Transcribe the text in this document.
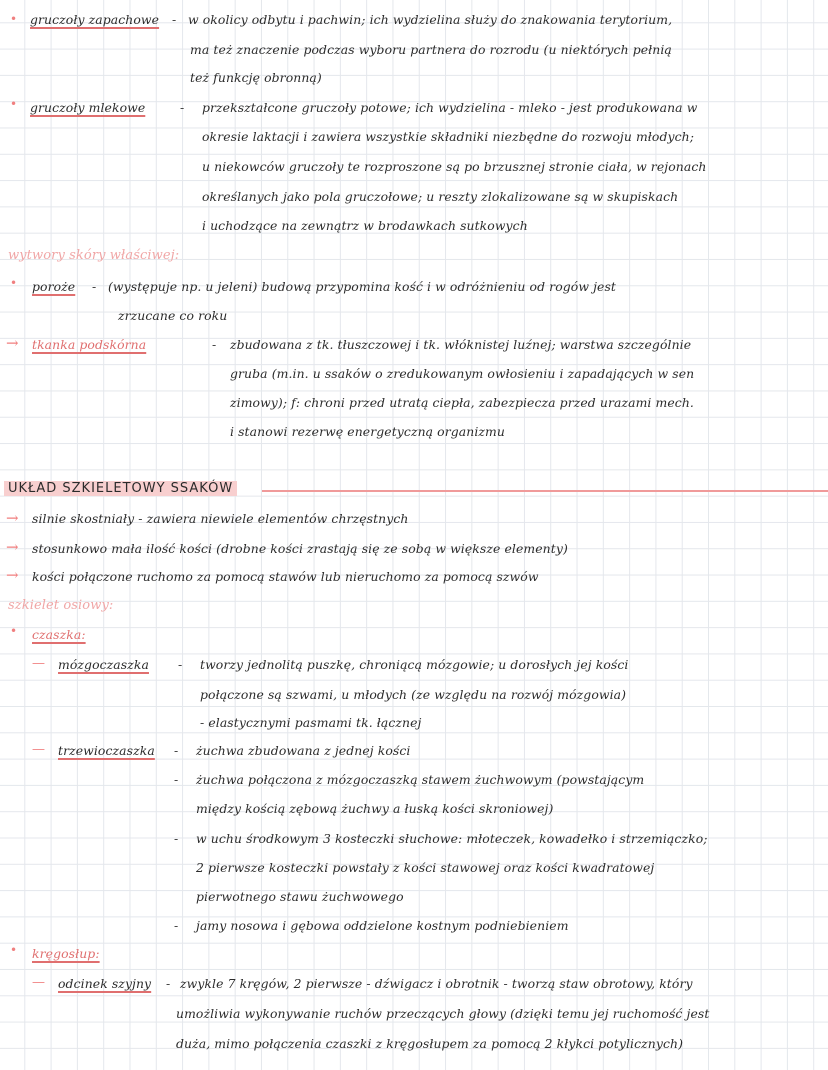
• gruczoły zapachowe - w okolicy odbytu i pachwin; ich wydzielina służy do znakowania terytorium,
ma też znaczenie podczas wyboru partnera do rozrodu (u niektórych pełnią
też funkcję obronną)
• gruczoły mlekowe	- przekształcone gruczoły potowe; ich wydzielina - mleko - jest produkowana w
okresie laktacji i zawiera wszystkie składniki niezbędne do rozwoju młodych;
u niekowców gruczoły te rozproszone są po brzusznej stronie ciała, w rejonach
określanych jako pola gruczołowe; u reszty zlokalizowane są w skupiskach
i uchodzące na zewnątrz w brodawkach sutkowych
wytwory skóry właściwej:
• poroże - (występuje np. u jeleni) budową przypomina kość i w odróżnieniu od rogów jest
zrzucane co roku
→ tkanka podskórna	- zbudowana z tk. tłuszczowej i tk. włóknistej luźnej; warstwa szczególnie
gruba (m.in. u ssaków o zredukowanym owłosieniu i zapadających w sen
zimowy); f: chroni przed utratą ciepła, zabezpiecza przed urazami mech.
i stanowi rezerwę energetyczną organizmu
UKŁAD SZKIELETOWY SSAKÓW
→ silnie skostniały - zawiera niewiele elementów chrzęstnych
→ stosunkowo mała ilość kości (drobne kości zrastają się ze sobą w większe elementy)
→ kości połączone ruchomo za pomocą stawów lub nieruchomo za pomocą szwów
szkielet osiowy:
• czaszka:
— mózgoczaszka - tworzy jednolitą puszkę, chroniącą mózgowie; u dorosłych jej kości
połączone są szwami, u młodych (ze względu na rozwój mózgowia)
- elastycznymi pasmami tk. łącznej
— trzewioczaszka - żuchwa zbudowana z jednej kości
- żuchwa połączona z mózgoczaszką stawem żuchwowym (powstającym
między kością zębową żuchwy a łuską kości skroniowej)
- w uchu środkowym 3 kosteczki słuchowe: młoteczek, kowadełko i strzemiączko;
2 pierwsze kosteczki powstały z kości stawowej oraz kości kwadratowej
pierwotnego stawu żuchwowego
- jamy nosowa i gębowa oddzielone kostnym podniebieniem
• kręgosłup:
— odcinek szyjny - zwykle 7 kręgów, 2 pierwsze - dźwigacz i obrotnik - tworzą staw obrotowy, który
umożliwia wykonywanie ruchów przeczących głowy (dzięki temu jej ruchomość jest
duża, mimo połączenia czaszki z kręgosłupem za pomocą 2 kłykci potylicznych)
